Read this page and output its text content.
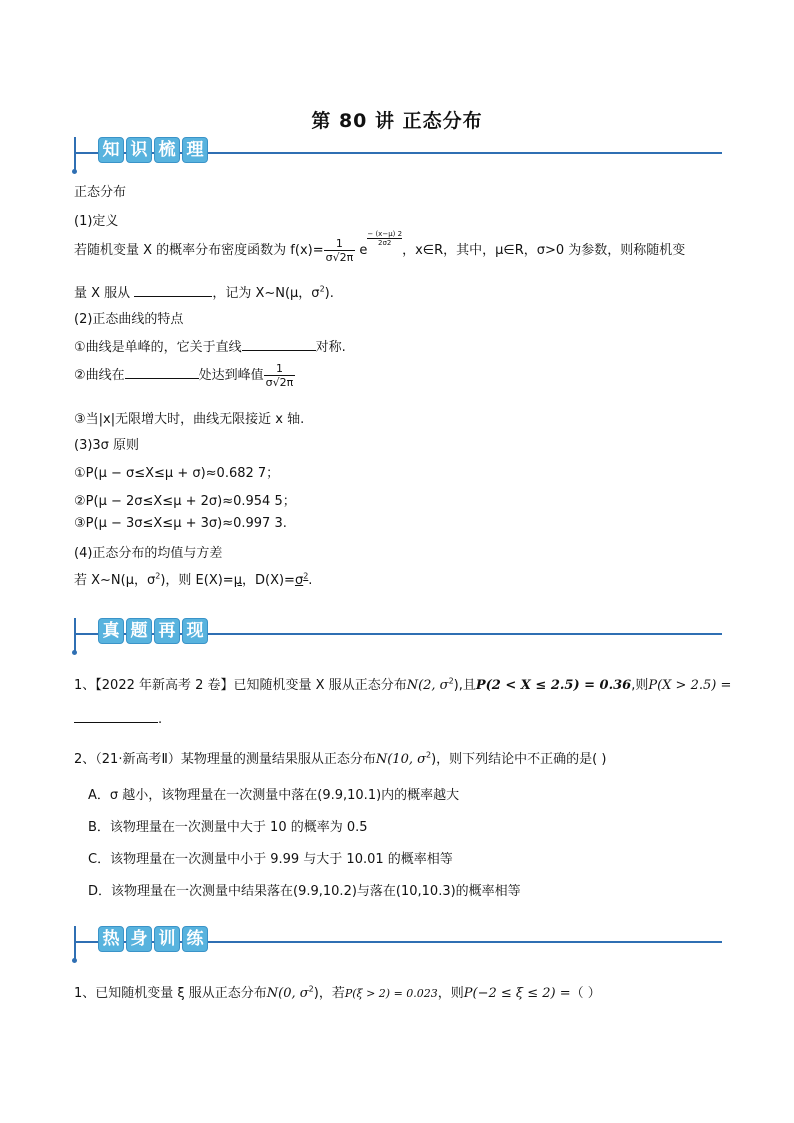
第 80 讲 正态分布
知 识 梳 理
正态分布
(1)定义
若随机变量 X 的概率分布密度函数为 $f(x)= \frac{1}{\sigma√2\pi}$ e
$\frac{- (x-\mu) 2}{2\sigma 2}$，x∈R，其中，μ∈R，σ>0 为参数，则称随机变
量 X 服从	，记为 X~N(μ，$\sigma^2$).
(2)正态曲线的特点
①曲线是单峰的，它关于直线	对称.
②曲线在	处达到峰值 $\frac{1}{\sigma√2\pi}$
③当|x|无限增大时，曲线无限接近 x 轴.
(3)3σ 原则
①P(μ − σ≤X≤μ + σ)≈0.682 7；
②P(μ − 2σ≤X≤μ + 2σ)≈0.954 5；
③P(μ − 3σ≤X≤μ + 3σ)≈0.997 3.
(4)正态分布的均值与方差
若 X~N(μ，$\sigma^2$)，则 E(X)=μ，$D(X)=\sigma^2$.
真 题 再 现
1、【2022 年新高考 2 卷】已知随机变量 X 服从正态分布N(2, $\sigma^2$),且P(2 < X ≤ 2.5) = 0.36,则P(X > 2.5) =
.
2、（21·新高考Ⅱ）某物理量的测量结果服从正态分布N(10, $\sigma^2$)，则下列结论中不正确的是( )
A．σ 越小，该物理量在一次测量中落在(9.9,10.1)内的概率越大
B．该物理量在一次测量中大于 10 的概率为 0.5
C．该物理量在一次测量中小于 9.99 与大于 10.01 的概率相等
D．该物理量在一次测量中结果落在(9.9,10.2)与落在(10,10.3)的概率相等
热 身 训 练
1、已知随机变量 ξ 服从正态分布N(0, $\sigma^2$)，若P(ξ > 2) = 0.023，则P(−2 ≤ ξ ≤ 2) =（ ）
